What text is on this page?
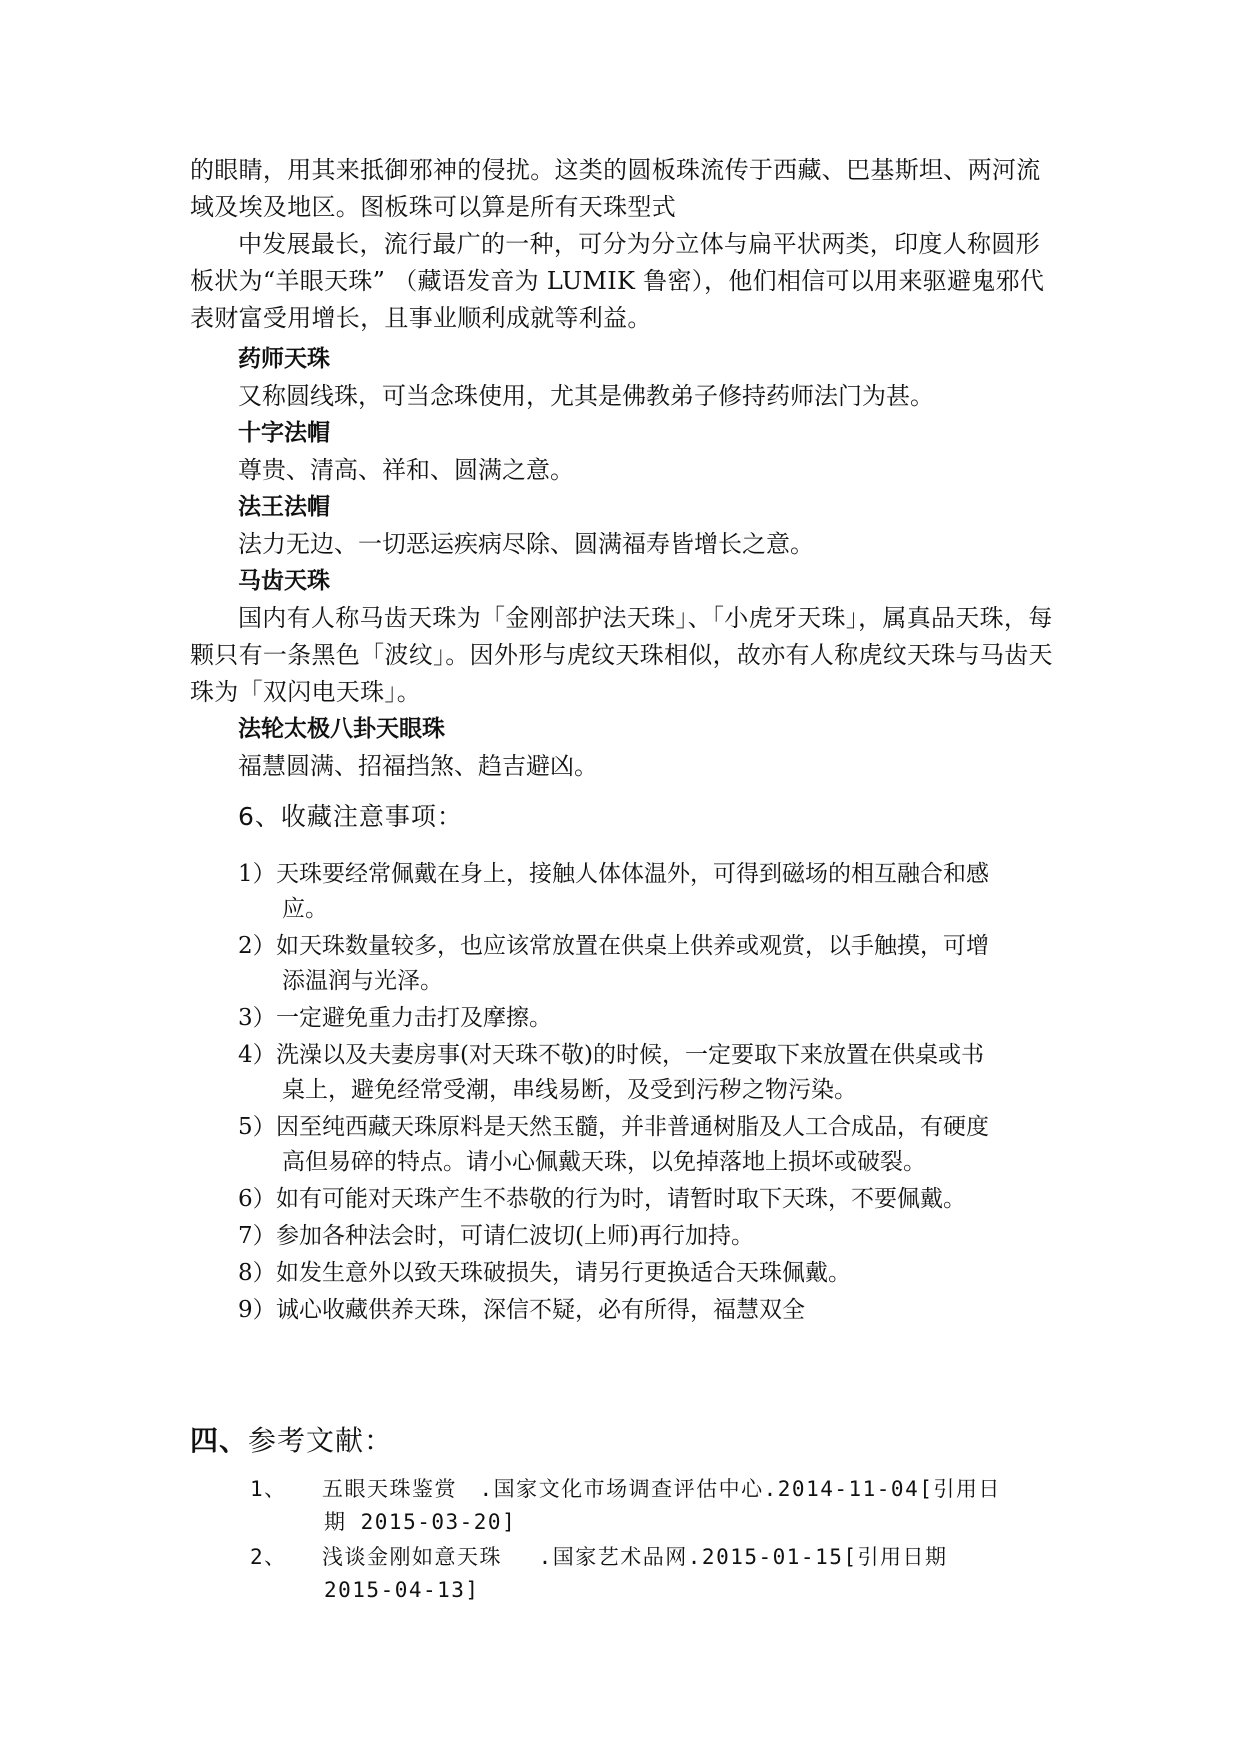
的眼睛，用其来抵御邪神的侵扰。这类的圆板珠流传于西藏、巴基斯坦、两河流域及埃及地区。图板珠可以算是所有天珠型式

中发展最长，流行最广的一种，可分为分立体与扁平状两类，印度人称圆形板状为“羊眼天珠” （藏语发音为 LUMIK 鲁密），他们相信可以用来驱避鬼邪代表财富受用增长，且事业顺利成就等利益。

药师天珠

又称圆线珠，可当念珠使用，尤其是佛教弟子修持药师法门为甚。

十字法帽

尊贵、清高、祥和、圆满之意。

法王法帽

法力无边、一切恶运疾病尽除、圆满福寿皆增长之意。

马齿天珠

国内有人称马齿天珠为「金刚部护法天珠」、「小虎牙天珠」，属真品天珠，每颗只有一条黑色「波纹」。因外形与虎纹天珠相似，故亦有人称虎纹天珠与马齿天珠为「双闪电天珠」。

法轮太极八卦天眼珠

福慧圆满、招福挡煞、趋吉避凶。

6、收藏注意事项：

1） 天珠要经常佩戴在身上，接触人体体温外，可得到磁场的相互融合和感
应。
2） 如天珠数量较多，也应该常放置在供桌上供养或观赏，以手触摸，可增
添温润与光泽。
3） 一定避免重力击打及摩擦。
4） 洗澡以及夫妻房事(对天珠不敬)的时候，一定要取下来放置在供桌或书
桌上，避免经常受潮，串线易断，及受到污秽之物污染。
5） 因至纯西藏天珠原料是天然玉髓，并非普通树脂及人工合成品，有硬度
高但易碎的特点。请小心佩戴天珠，以免掉落地上损坏或破裂。
6） 如有可能对天珠产生不恭敬的行为时，请暂时取下天珠，不要佩戴。
7） 参加各种法会时，可请仁波切(上师)再行加持。
8） 如发生意外以致天珠破损失，请另行更换适合天珠佩戴。
9） 诚心收藏供养天珠，深信不疑，必有所得，福慧双全
四、参考文献：
1、 五眼天珠鉴赏　.国家文化市场调查评估中心.2014-11-04[引用日
期 2015-03-20]
2、 浅谈金刚如意天珠　 .国家艺术品网.2015-01-15[引用日期
2015-04-13]
